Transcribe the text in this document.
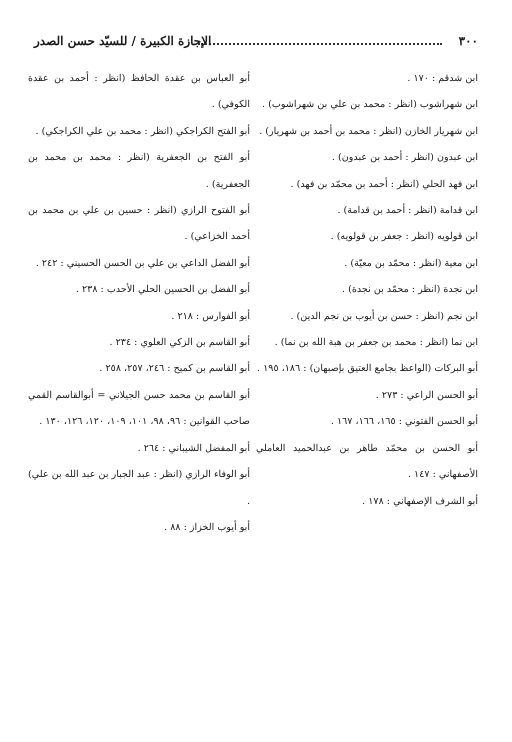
٣٠٠
الإجازة الكبيرة / للسيّد حسن الصدر

ابن شدقم : ١٧٠ .

ابن شهراشوب (انظر : محمد بن علي بن شهراشوب) .

ابن شهريار الخازن (انظر : محمد بن أحمد بن شهريار) .

ابن عبدون (انظر : أحمد بن عبدون) .

ابن فهد الحلي (انظر : أحمد بن محمّد بن فهد) .

ابن قدامة (انظر : أحمد بن قدامة) .

ابن قولويه (انظر : جعفر بن قولويه) .

ابن معية (انظر : محمّد بن معيّة) .

ابن نجدة (انظر : محمّد بن نجدة) .

ابن نجم (انظر : حسن بن أيوب بن نجم الدين) .

ابن نما (انظر : محمد بن جعفر بن هبة الله بن نما) .

أبو البركات (الواعظ بجامع العتيق بإصبهان) : ١٨٦، ١٩٥ .

أبو الحسن الراعي : ٢٧٣ .

أبو الحسن الفتوني : ١٦٥، ١٦٦، ١٦٧ .

أبو الحسن بن محمّد طاهر بن عبدالحميد العاملي الأصفهاني : ١٤٧ .

أبو الشرف الإصفهاني : ١٧٨ .

أبو العباس بن عقدة الحافظ (انظر : أحمد بن عقدة الكوفي) .

أبو الفتح الكراجكي (انظر : محمد بن علي الكراجكي) .

أبو الفتح بن الجعفرية (انظر : محمد بن محمد بن الجعفرية) .

أبو الفتوح الرازي (انظر : حسين بن علي بن محمد بن أحمد الخزاعي) .

أبو الفضل الداعي بن علي بن الحسن الحسيني : ٢٤٢ .

أبو الفضل بن الحسين الحلي الأحدب : ٢٣٨ .

أبو الفوارس : ٢١٨ .

أبو القاسم بن الزكي العلوي : ٢٣٤ .

أبو القاسم بن كميح : ٢٤٦، ٢٥٧، ٢٥٨ .

أبو القاسم بن محمد حسن الجيلاني = أبوالقاسم القمي صاحب القوانين : ٩٦، ٩٨، ١٠١، ١٠٩، ١٢٠، ١٢٦، ١٣٠ .

أبو المفضل الشيباني : ٢٦٤ .

أبو الوفاء الرازي (انظر : عبد الجبار بن عبد الله بن علي) .

أبو أيوب الخزاز : ٨٨ .
